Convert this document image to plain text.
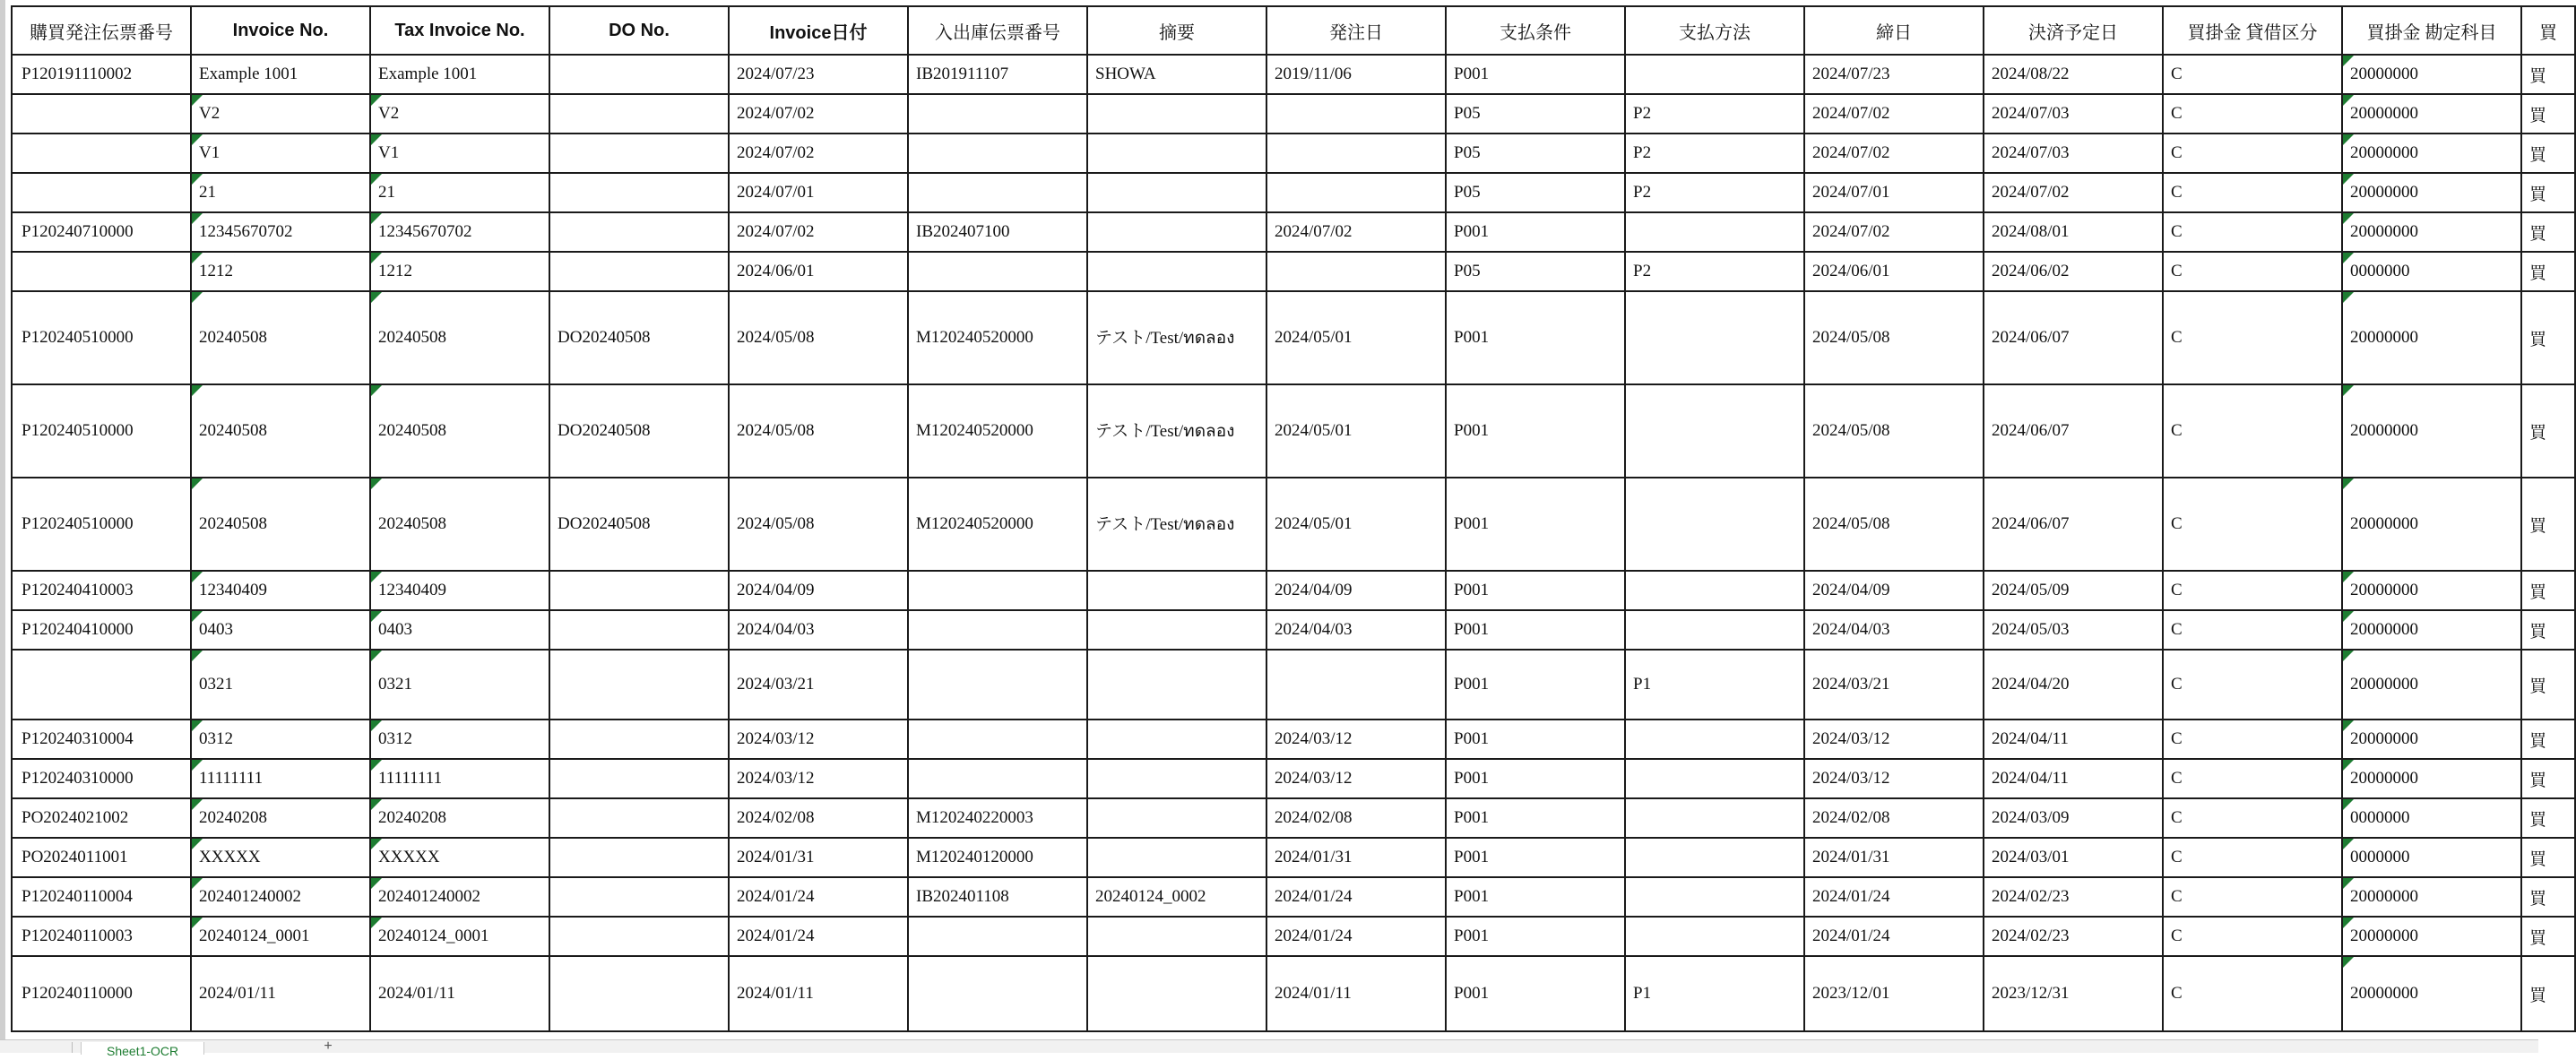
購買発注伝票番号	Invoice No.	Tax Invoice No.	DO No.	Invoice日付	入出庫伝票番号	摘要	発注日	支払条件	支払方法	締日	決済予定日	買掛金 貸借区分	買掛金 勘定科目	買
P120191110002	Example 1001	Example 1001		2024/07/23	IB201911107	SHOWA	2019/11/06	P001		2024/07/23	2024/08/22	C	20000000	買
	V2	V2		2024/07/02				P05	P2	2024/07/02	2024/07/03	C	20000000	買
	V1	V1		2024/07/02				P05	P2	2024/07/02	2024/07/03	C	20000000	買
	21	21		2024/07/01				P05	P2	2024/07/01	2024/07/02	C	20000000	買
P120240710000	12345670702	12345670702		2024/07/02	IB202407100		2024/07/02	P001		2024/07/02	2024/08/01	C	20000000	買
	1212	1212		2024/06/01				P05	P2	2024/06/01	2024/06/02	C	0000000	買
P120240510000	20240508	20240508	DO20240508	2024/05/08	M120240520000	テスト/Test/ทดลอง	2024/05/01	P001		2024/05/08	2024/06/07	C	20000000	買
P120240510000	20240508	20240508	DO20240508	2024/05/08	M120240520000	テスト/Test/ทดลอง	2024/05/01	P001		2024/05/08	2024/06/07	C	20000000	買
P120240510000	20240508	20240508	DO20240508	2024/05/08	M120240520000	テスト/Test/ทดลอง	2024/05/01	P001		2024/05/08	2024/06/07	C	20000000	買
P120240410003	12340409	12340409		2024/04/09			2024/04/09	P001		2024/04/09	2024/05/09	C	20000000	買
P120240410000	0403	0403		2024/04/03			2024/04/03	P001		2024/04/03	2024/05/03	C	20000000	買
	0321	0321		2024/03/21				P001	P1	2024/03/21	2024/04/20	C	20000000	買
P120240310004	0312	0312		2024/03/12			2024/03/12	P001		2024/03/12	2024/04/11	C	20000000	買
P120240310000	11111111	11111111		2024/03/12			2024/03/12	P001		2024/03/12	2024/04/11	C	20000000	買
PO2024021002	20240208	20240208		2024/02/08	M120240220003		2024/02/08	P001		2024/02/08	2024/03/09	C	0000000	買
PO2024011001	XXXXX	XXXXX		2024/01/31	M120240120000		2024/01/31	P001		2024/01/31	2024/03/01	C	0000000	買
P120240110004	202401240002	202401240002		2024/01/24	IB202401108	20240124_0002	2024/01/24	P001		2024/01/24	2024/02/23	C	20000000	買
P120240110003	20240124_0001	20240124_0001		2024/01/24			2024/01/24	P001		2024/01/24	2024/02/23	C	20000000	買
P120240110000	2024/01/11	2024/01/11		2024/01/11			2024/01/11	P001	P1	2023/12/01	2023/12/31	C	20000000	買
Sheet1-OCR	+
